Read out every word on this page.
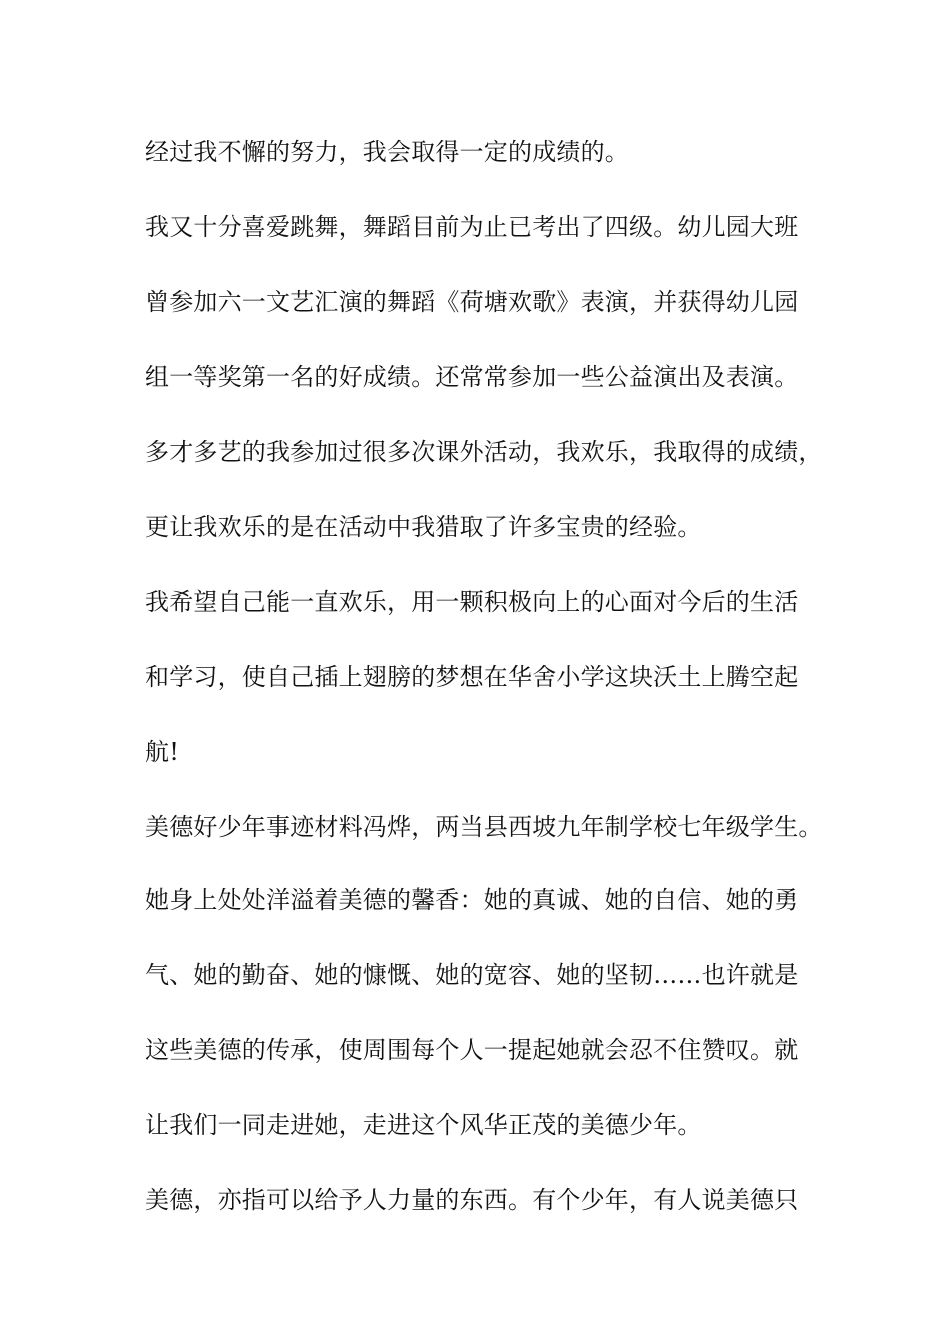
经过我不懈的努力，我会取得一定的成绩的。
我又十分喜爱跳舞，舞蹈目前为止已考出了四级。幼儿园大班
曾参加六一文艺汇演的舞蹈《荷塘欢歌》表演，并获得幼儿园
组一等奖第一名的好成绩。还常常参加一些公益演出及表演。
多才多艺的我参加过很多次课外活动，我欢乐，我取得的成绩，
更让我欢乐的是在活动中我猎取了许多宝贵的经验。
我希望自己能一直欢乐，用一颗积极向上的心面对今后的生活
和学习，使自己插上翅膀的梦想在华舍小学这块沃土上腾空起
航!
美德好少年事迹材料冯烨，两当县西坡九年制学校七年级学生。
她身上处处洋溢着美德的馨香：她的真诚、她的自信、她的勇
气、她的勤奋、她的慷慨、她的宽容、她的坚韧……也许就是
这些美德的传承，使周围每个人一提起她就会忍不住赞叹。就
让我们一同走进她，走进这个风华正茂的美德少年。
美德，亦指可以给予人力量的东西。有个少年，有人说美德只
